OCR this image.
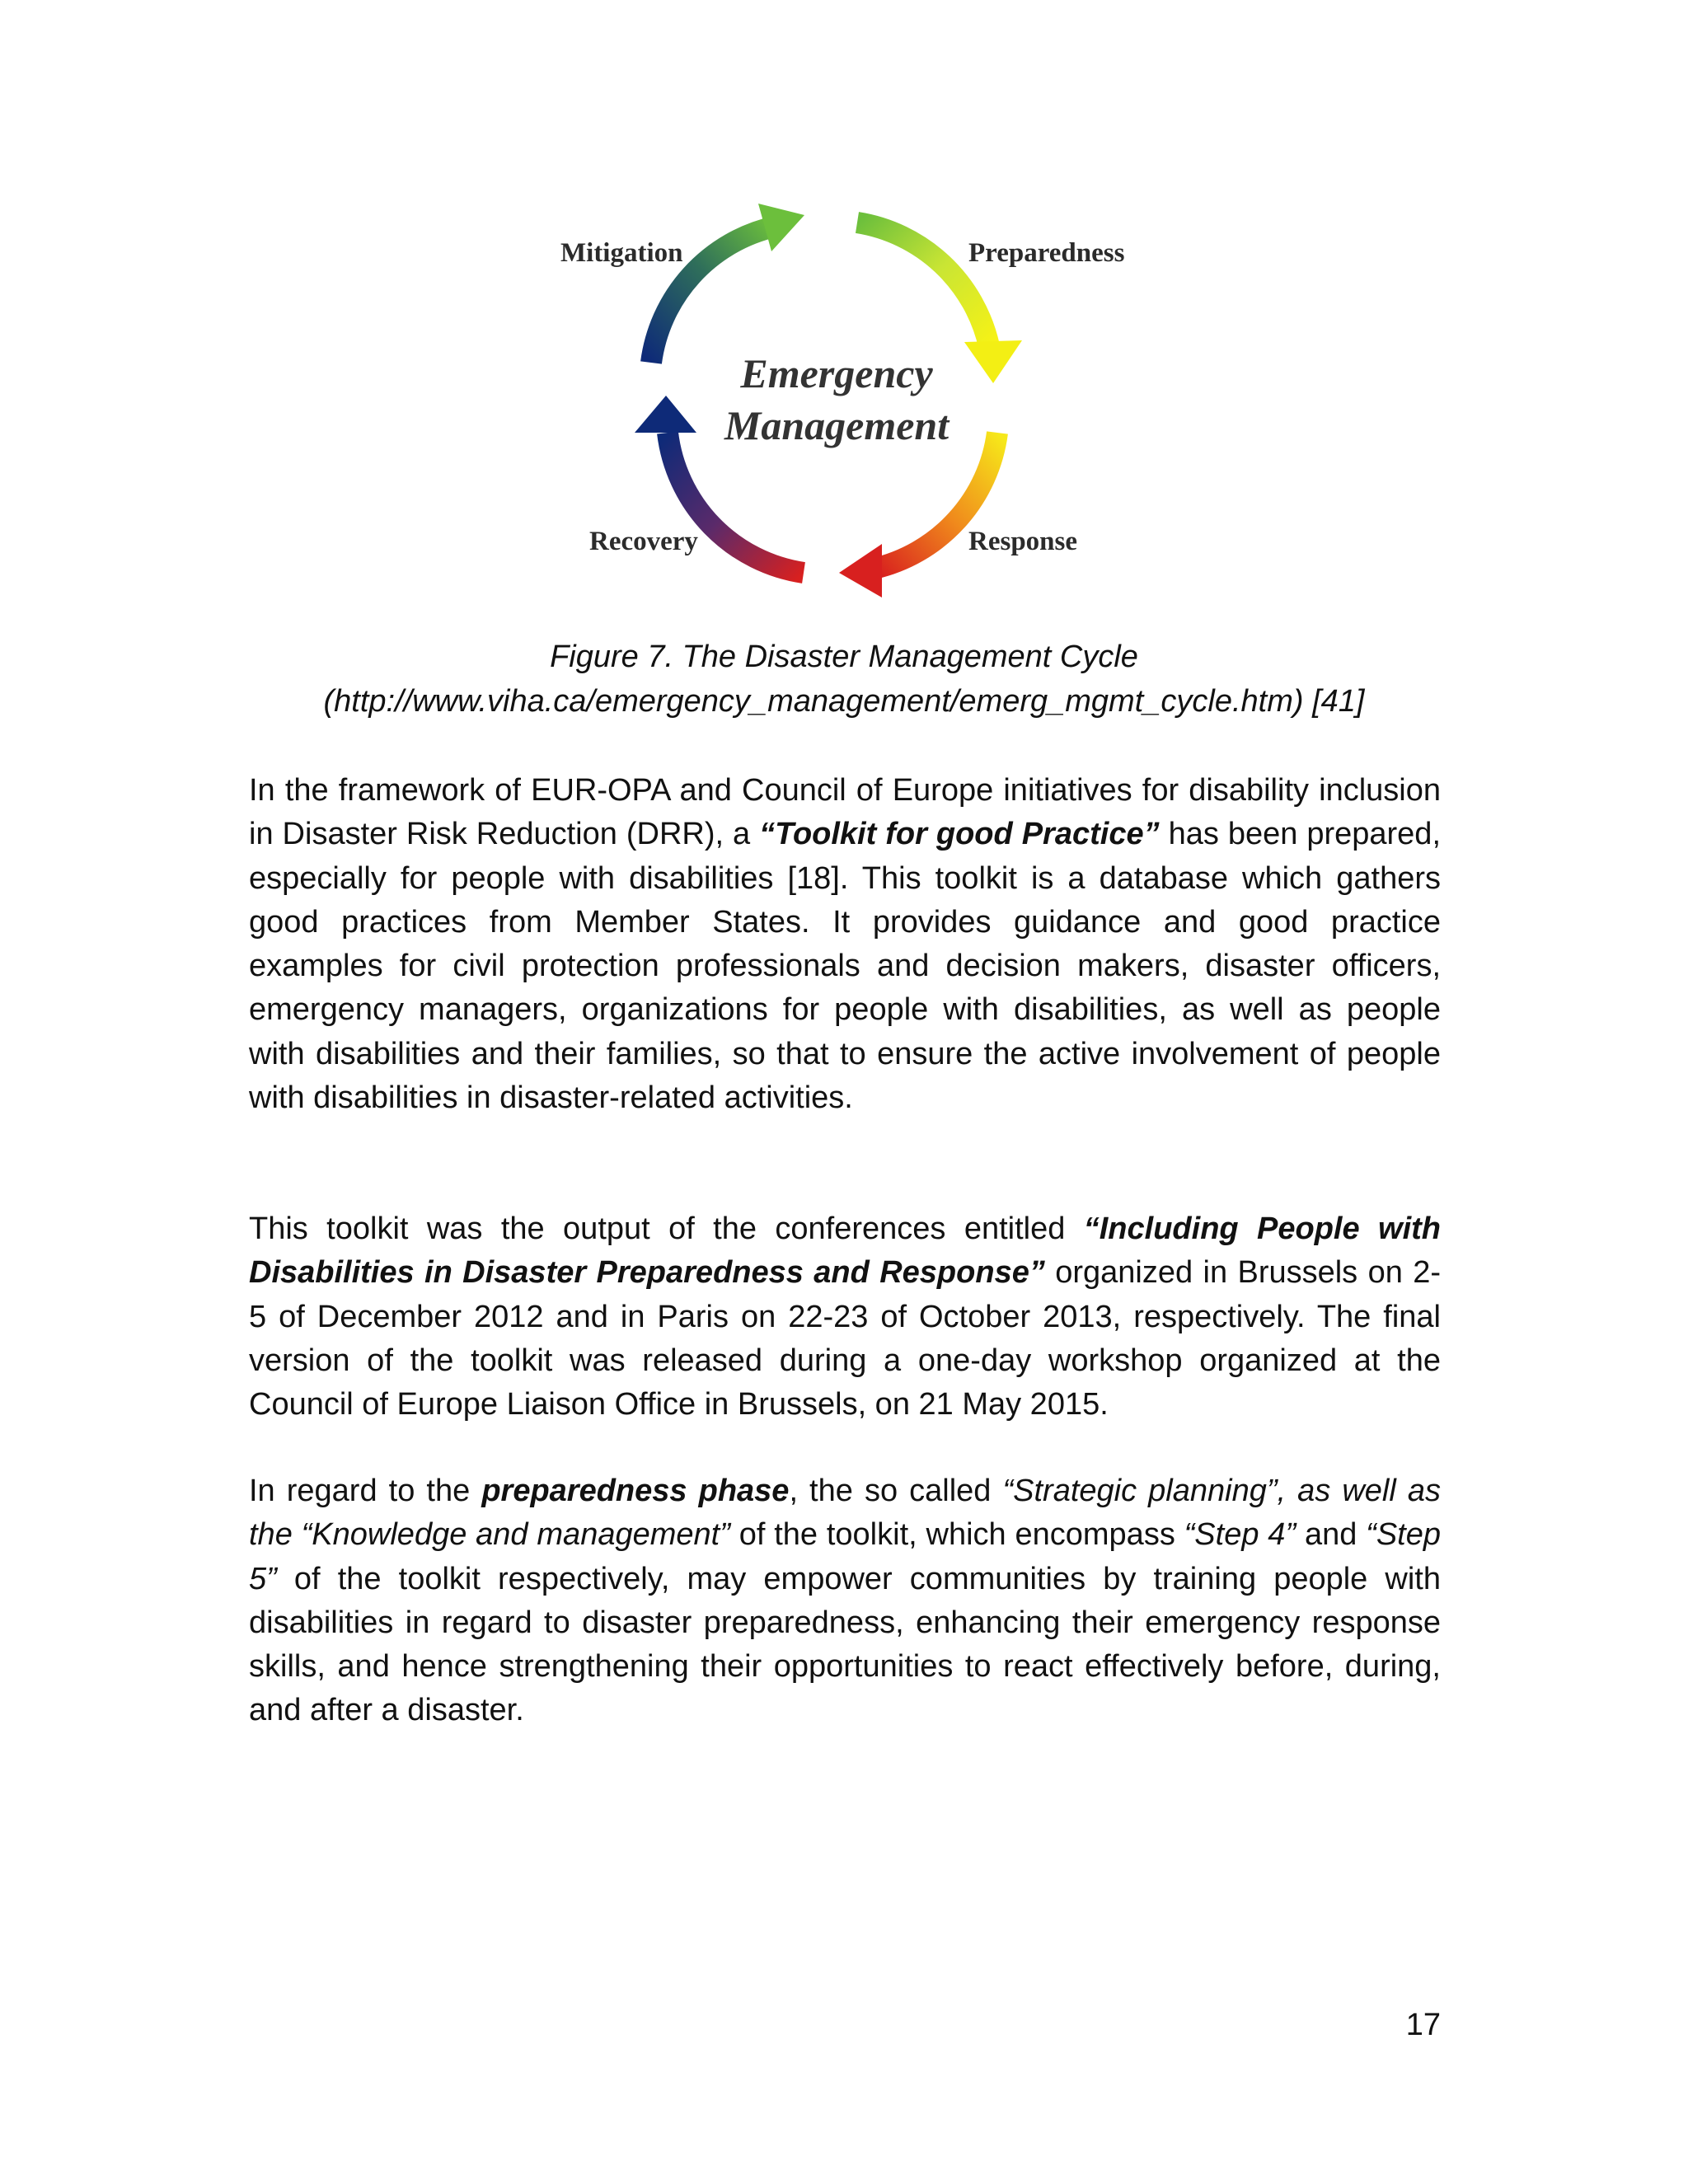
Mitigation	Preparedness
Response
Recovery
Emergency
Management
Figure 7. The Disaster Management Cycle
(http://www.viha.ca/emergency_management/emerg_mgmt_cycle.htm) [41]

In the framework of EUR-OPA and Council of Europe initiatives for disability inclusion in Disaster Risk Reduction (DRR), a “Toolkit for good Practice” has been prepared, especially for people with disabilities [18]. This toolkit is a database which gathers good practices from Member States. It provides guidance and good practice examples for civil protection professionals and decision makers, disaster officers, emergency managers, organizations for people with disabilities, as well as people with disabilities and their families, so that to ensure the active involvement of people with disabilities in disaster-related activities.

This toolkit was the output of the conferences entitled “Including People with Disabilities in Disaster Preparedness and Response” organized in Brussels on 2-5 of December 2012 and in Paris on 22-23 of October 2013, respectively. The final version of the toolkit was released during a one-day workshop organized at the Council of Europe Liaison Office in Brussels, on 21 May 2015.

In regard to the preparedness phase, the so called “Strategic planning”, as well as the “Knowledge and management” of the toolkit, which encompass “Step 4” and “Step 5” of the toolkit respectively, may empower communities by training people with disabilities in regard to disaster preparedness, enhancing their emergency response skills, and hence strengthening their opportunities to react effectively before, during, and after a disaster.

17
